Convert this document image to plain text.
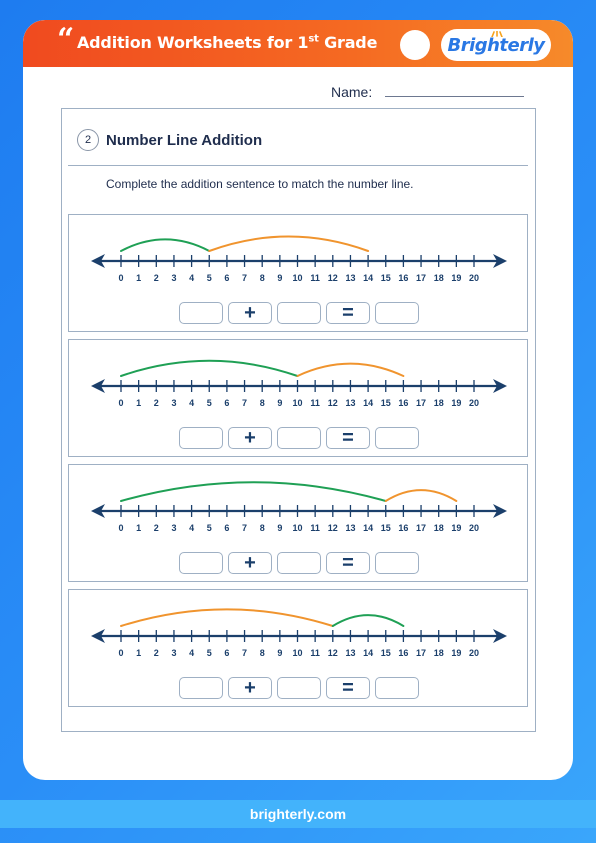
“ Addition Worksheets for 1st Grade	Brighterly
Name:
2 Number Line Addition
Complete the addition sentence to match the number line.
0 1 2 3 4 5 6 7 8 9 10 11 12 13 14 15 16 17 18 19 20
+	=
0 1 2 3 4 5 6 7 8 9 10 11 12 13 14 15 16 17 18 19 20
+	=
0 1 2 3 4 5 6 7 8 9 10 11 12 13 14 15 16 17 18 19 20
+	=
0 1 2 3 4 5 6 7 8 9 10 11 12 13 14 15 16 17 18 19 20
+	=
brighterly.com
